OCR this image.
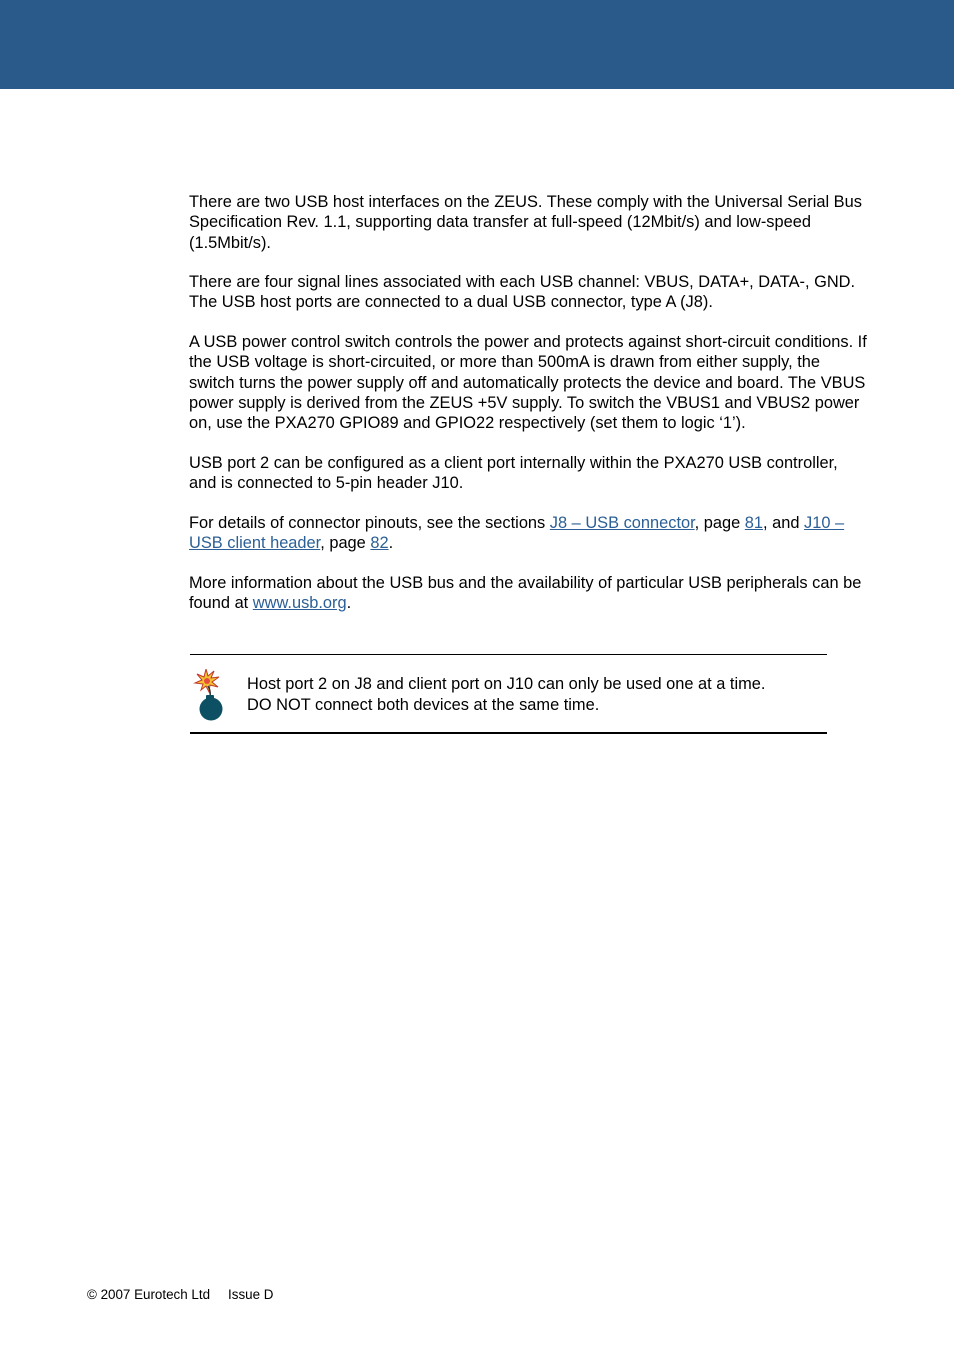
There are two USB host interfaces on the ZEUS. These comply with the Universal Serial Bus Specification Rev. 1.1, supporting data transfer at full-speed (12Mbit/s) and low-speed (1.5Mbit/s).

There are four signal lines associated with each USB channel: VBUS, DATA+, DATA-, GND. The USB host ports are connected to a dual USB connector, type A (J8).

A USB power control switch controls the power and protects against short-circuit conditions. If the USB voltage is short-circuited, or more than 500mA is drawn from either supply, the switch turns the power supply off and automatically protects the device and board. The VBUS power supply is derived from the ZEUS +5V supply. To switch the VBUS1 and VBUS2 power on, use the PXA270 GPIO89 and GPIO22 respectively (set them to logic ‘1’).

USB port 2 can be configured as a client port internally within the PXA270 USB controller, and is connected to 5-pin header J10.

For details of connector pinouts, see the sections J8 – USB connector, page 81, and J10 – USB client header, page 82.

More information about the USB bus and the availability of particular USB peripherals can be found at www.usb.org.

Host port 2 on J8 and client port on J10 can only be used one at a time.
DO NOT connect both devices at the same time.
© 2007 Eurotech Ltd Issue D
